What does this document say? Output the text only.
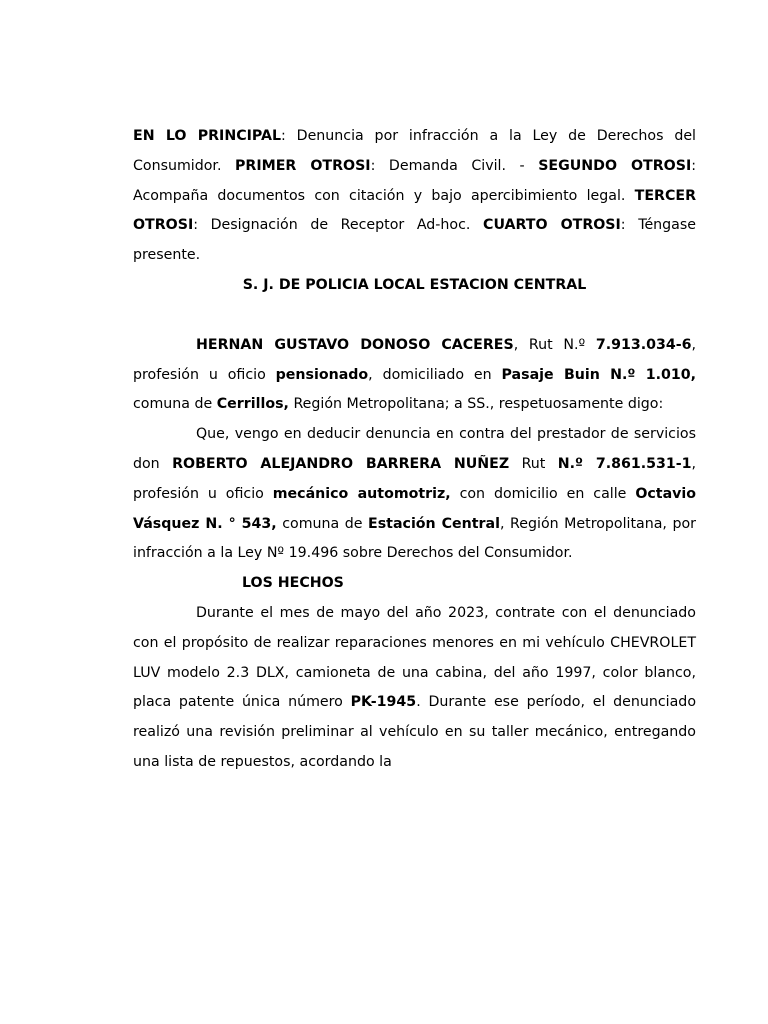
EN LO PRINCIPAL: Denuncia por infracción a la Ley de Derechos del Consumidor. PRIMER OTROSI: Demanda Civil. - SEGUNDO OTROSI: Acompaña documentos con citación y bajo apercibimiento legal. TERCER OTROSI: Designación de Receptor Ad-hoc. CUARTO OTROSI: Téngase presente.

S. J. DE POLICIA LOCAL ESTACION CENTRAL

HERNAN GUSTAVO DONOSO CACERES, Rut N.º 7.913.034-6, profesión u oficio pensionado, domiciliado en Pasaje Buin N.º 1.010, comuna de Cerrillos, Región Metropolitana; a SS., respetuosamente digo:

Que, vengo en deducir denuncia en contra del prestador de servicios don ROBERTO ALEJANDRO BARRERA NUÑEZ Rut N.º 7.861.531-1, profesión u oficio mecánico automotriz, con domicilio en calle Octavio Vásquez N. ° 543, comuna de Estación Central, Región Metropolitana, por infracción a la Ley Nº 19.496 sobre Derechos del Consumidor.

LOS HECHOS

Durante el mes de mayo del año 2023, contrate con el denunciado con el propósito de realizar reparaciones menores en mi vehículo CHEVROLET LUV modelo 2.3 DLX, camioneta de una cabina, del año 1997, color blanco, placa patente única número PK-1945. Durante ese período, el denunciado realizó una revisión preliminar al vehículo en su taller mecánico, entregando una lista de repuestos, acordando la
